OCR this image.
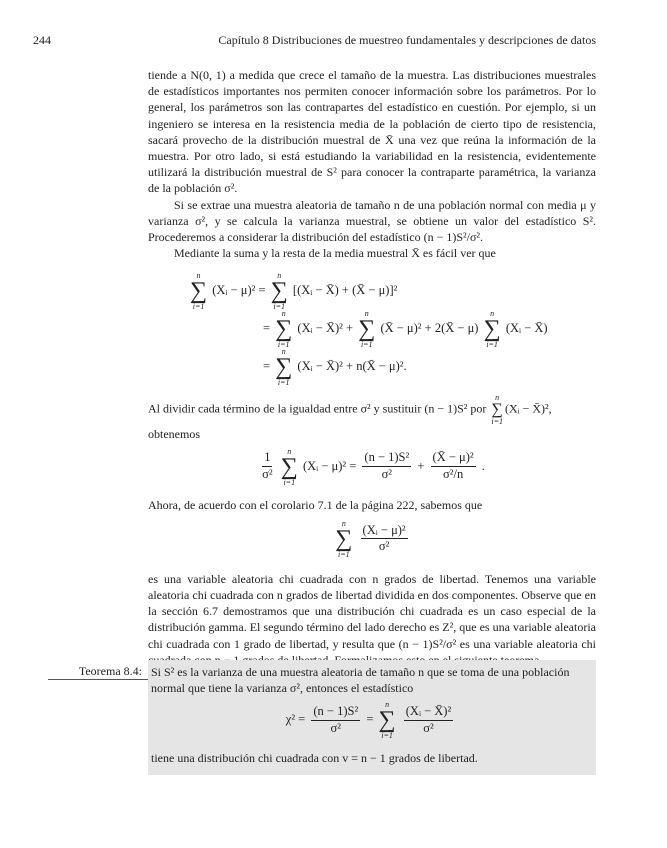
244	Capítulo 8 Distribuciones de muestreo fundamentales y descripciones de datos

tiende a N(0, 1) a medida que crece el tamaño de la muestra. Las distribuciones muestrales de estadísticos importantes nos permiten conocer información sobre los parámetros. Por lo general, los parámetros son las contrapartes del estadístico en cuestión. Por ejemplo, si un ingeniero se interesa en la resistencia media de la población de cierto tipo de resistencia, sacará provecho de la distribución muestral de X̄ una vez que reúna la información de la muestra. Por otro lado, si está estudiando la variabilidad en la resistencia, evidentemente utilizará la distribución muestral de S² para conocer la contraparte paramétrica, la varianza de la población σ².

Si se extrae una muestra aleatoria de tamaño n de una población normal con media μ y varianza σ², y se calcula la varianza muestral, se obtiene un valor del estadístico S². Procederemos a considerar la distribución del estadístico (n − 1)S²/σ².

Mediante la suma y la resta de la media muestral X̄ es fácil ver que

n
∑
i=1
(Xᵢ − μ)² =
n
∑
i=1
[(Xᵢ − X̄) + (X̄ − μ)]²
=
n
∑
i=1
(Xᵢ − X̄)² +
n
∑
i=1
(X̄ − μ)² + 2(X̄ − μ)
n
∑
i=1
(Xᵢ − X̄)
=
n
∑
i=1
(Xᵢ − X̄)² + n(X̄ − μ)².

Al dividir cada término de la igualdad entre σ² y sustituir (n − 1)S² por
n
∑
i=1
(Xᵢ − X̄)²,
obtenemos

$\frac{1}{\text{σ²}}$

n
∑
i=1
(Xᵢ − $\mu)^2 = \frac{\text{(n − 1)S²}}{\text{σ²}} + \frac{\text{(X̄ − μ)²}}{\text{σ²/n}}$ .

Ahora, de acuerdo con el corolario 7.1 de la página 222, sabemos que

n
∑
i=1

$\frac{\text{(Xᵢ − μ)²}}{\text{σ²}}$

es una variable aleatoria chi cuadrada con n grados de libertad. Tenemos una variable aleatoria chi cuadrada con n grados de libertad dividida en dos componentes. Observe que en la sección 6.7 demostramos que una distribución chi cuadrada es un caso especial de la distribución gamma. El segundo término del lado derecho es Z², que es una variable aleatoria chi cuadrada con 1 grado de libertad, y resulta que (n − 1)S²/σ² es una variable aleatoria chi

Teorema 8.4: Si S² es la varianza de una muestra aleatoria de tamaño n que se toma de una población normal que tiene la varianza σ², entonces el estadístico
$\chi^2 = \frac{\text{(n − 1)S²}}{\text{σ²}}$ =
n
∑
i=1

$\frac{\text{(Xᵢ − X̄)²}}{\text{σ²}}$
tiene una distribución chi cuadrada con v = n − 1 grados de libertad.
